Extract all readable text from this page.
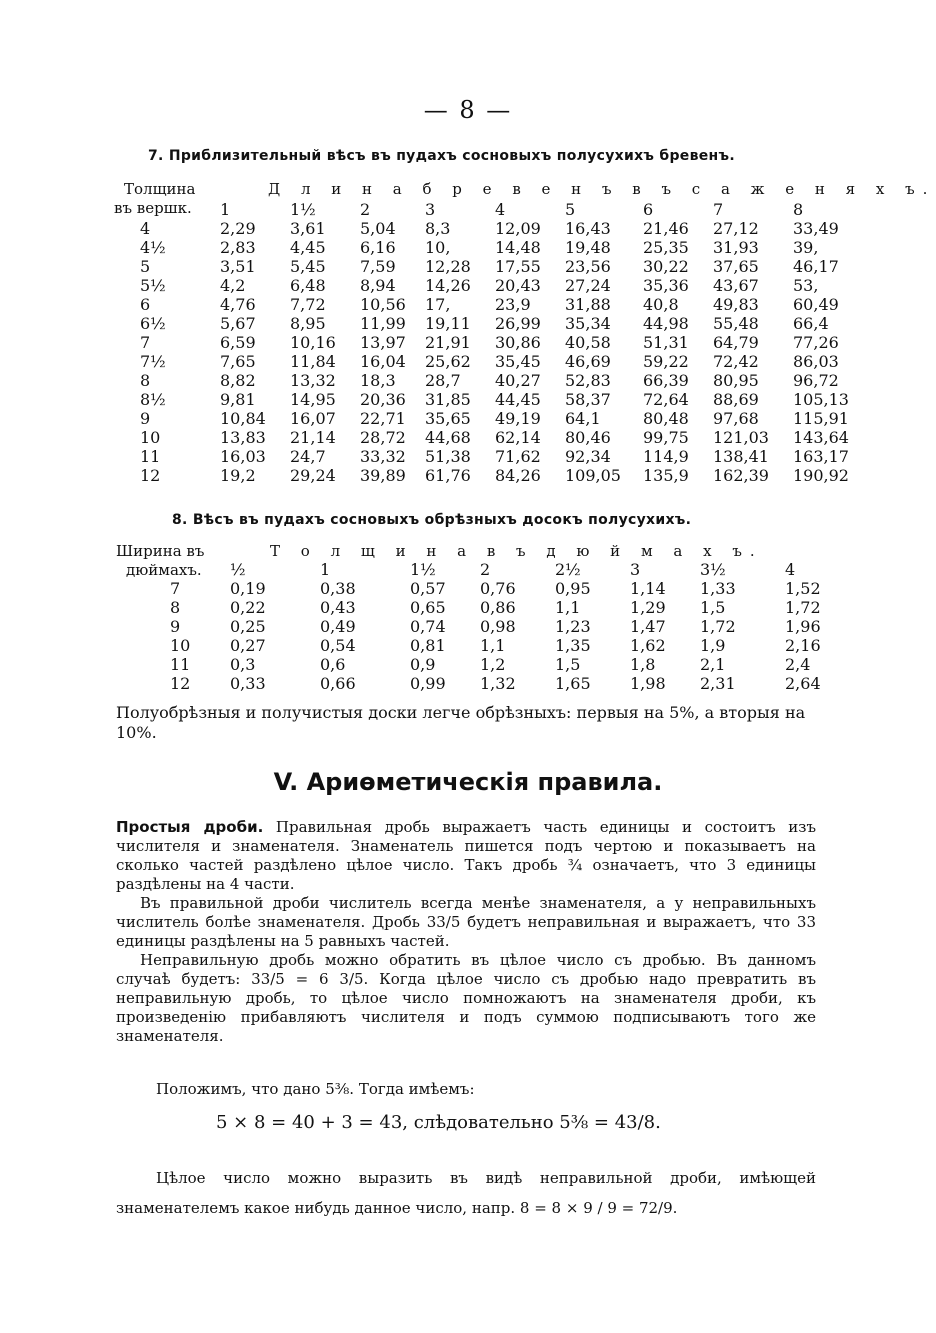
— 8 —
7. Приблизительный вѣсъ въ пудахъ сосновыхъ полусухихъ бревенъ.
Толщина
въ вершк.
Д л и н а б р е в е н ъ в ъ с а ж е н я х ъ.
	1	1½	2	3	4	5	6	7	8
4	2,29	3,61	5,04	8,3	12,09	16,43	21,46	27,12	33,49
4½	2,83	4,45	6,16	10,	14,48	19,48	25,35	31,93	39,
5	3,51	5,45	7,59	12,28	17,55	23,56	30,22	37,65	46,17
5½	4,2	6,48	8,94	14,26	20,43	27,24	35,36	43,67	53,
6	4,76	7,72	10,56	17,	23,9	31,88	40,8	49,83	60,49
6½	5,67	8,95	11,99	19,11	26,99	35,34	44,98	55,48	66,4
7	6,59	10,16	13,97	21,91	30,86	40,58	51,31	64,79	77,26
7½	7,65	11,84	16,04	25,62	35,45	46,69	59,22	72,42	86,03
8	8,82	13,32	18,3	28,7	40,27	52,83	66,39	80,95	96,72
8½	9,81	14,95	20,36	31,85	44,45	58,37	72,64	88,69	105,13
9	10,84	16,07	22,71	35,65	49,19	64,1	80,48	97,68	115,91
10	13,83	21,14	28,72	44,68	62,14	80,46	99,75	121,03	143,64
11	16,03	24,7	33,32	51,38	71,62	92,34	114,9	138,41	163,17
12	19,2	29,24	39,89	61,76	84,26	109,05	135,9	162,39	190,92
8. Вѣсъ въ пудахъ сосновыхъ обрѣзныхъ досокъ полусухихъ.
Ширина въ
дюймахъ.
Т о л щ и н а в ъ д ю й м а х ъ.
	½	1	1½	2	2½	3	3½	4
7	0,19	0,38	0,57	0,76	0,95	1,14	1,33	1,52
8	0,22	0,43	0,65	0,86	1,1	1,29	1,5	1,72
9	0,25	0,49	0,74	0,98	1,23	1,47	1,72	1,96
10	0,27	0,54	0,81	1,1	1,35	1,62	1,9	2,16
11	0,3	0,6	0,9	1,2	1,5	1,8	2,1	2,4
12	0,33	0,66	0,99	1,32	1,65	1,98	2,31	2,64
Полуобрѣзныя и получистыя доски легче обрѣзныхъ: первыя на 5%, а вторыя на 10%.
V. Ариѳметическія правила.
Простыя дроби. Правильная дробь выражаетъ часть единицы и состоитъ изъ числителя и знаменателя. Знаменатель пишется подъ чертою и показываетъ на сколько частей раздѣлено цѣлое число. Такъ дробь ¾ означаетъ, что 3 единицы раздѣлены на 4 части.
Въ правильной дроби числитель всегда менѣе знаменателя, а у неправильныхъ числитель болѣе знаменателя. Дробь 33/5 будетъ неправильная и выражаетъ, что 33 единицы раздѣлены на 5 равныхъ частей.
Неправильную дробь можно обратить въ цѣлое число съ дробью. Въ данномъ случаѣ будетъ: 33/5 = 6 3/5. Когда цѣлое число съ дробью надо превратить въ неправильную дробь, то цѣлое число помножаютъ на знаменателя дроби, къ произведенію прибавляютъ числителя и подъ суммою подписываютъ того же знаменателя.
Положимъ, что дано 5⅜. Тогда имѣемъ:
5 × 8 = 40 + 3 = 43, слѣдовательно 5⅜ = 43/8.
Цѣлое число можно выразить въ видѣ неправильной дроби, имѣющей знаменателемъ какое нибудь данное число, напр. 8 = 8 × 9 / 9 = 72/9.
